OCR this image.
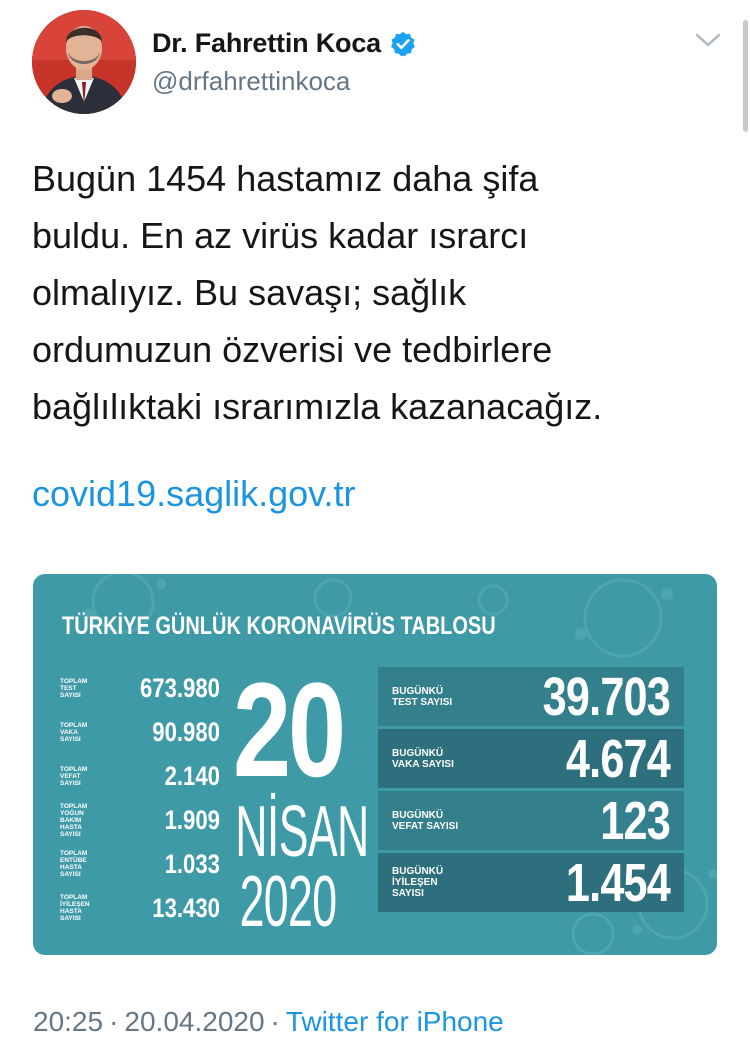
Dr. Fahrettin Koca
@drfahrettinkoca
Bugün 1454 hastamız daha şifa
buldu. En az virüs kadar ısrarcı
olmalıyız. Bu savaşı; sağlık
ordumuzun özverisi ve tedbirlere
bağlılıktaki ısrarımızla kazanacağız.
covid19.saglik.gov.tr
TÜRKİYE GÜNLÜK KORONAVİRÜS TABLOSU
TOPLAM TEST SAYISI	673.980
TOPLAM VAKA SAYISI	90.980
TOPLAM VEFAT SAYISI	2.140
TOPLAM YOĞUN BAKIM HASTA SAYISI	1.909
TOPLAM ENTÜBE HASTA SAYISI	1.033
TOPLAM İYİLEŞEN HASTA SAYISI	13.430
20
NİSAN
2020
BUGÜNKÜ TEST SAYISI	39.703
BUGÜNKÜ VAKA SAYISI	4.674
BUGÜNKÜ VEFAT SAYISI	123
BUGÜNKÜ İYİLEŞEN SAYISI	1.454
20:25 · 20.04.2020 · Twitter for iPhone
